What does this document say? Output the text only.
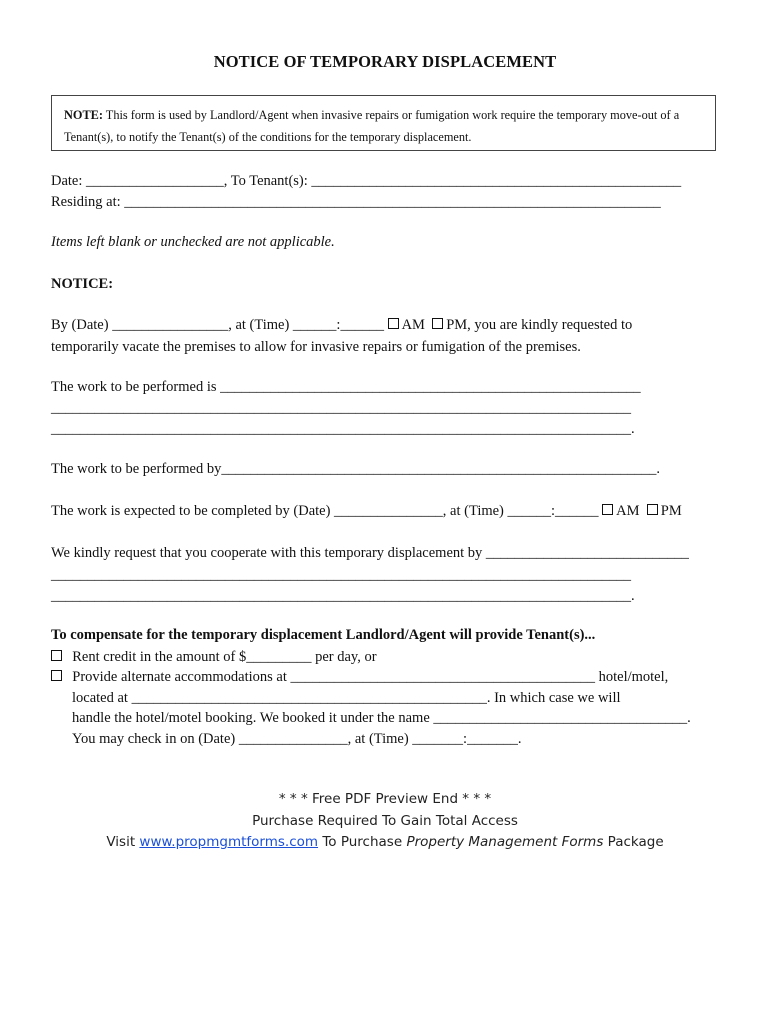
NOTICE OF TEMPORARY DISPLACEMENT
NOTE: This form is used by Landlord/Agent when invasive repairs or fumigation work require the temporary move-out of a Tenant(s), to notify the Tenant(s) of the conditions for the temporary displacement.
Date: ___________________, To Tenant(s): ___________________________________________________
Residing at: __________________________________________________________________________
Items left blank or unchecked are not applicable.
NOTICE:
By (Date) ________________, at (Time) ______:______ AM PM, you are kindly requested to
temporarily vacate the premises to allow for invasive repairs or fumigation of the premises.
The work to be performed is __________________________________________________________
________________________________________________________________________________
________________________________________________________________________________.
The work to be performed by____________________________________________________________.
The work is expected to be completed by (Date) _______________, at (Time) ______:______ AM PM
We kindly request that you cooperate with this temporary displacement by ____________________________
________________________________________________________________________________
________________________________________________________________________________.
To compensate for the temporary displacement Landlord/Agent will provide Tenant(s)...
Rent credit in the amount of $_________ per day, or
Provide alternate accommodations at __________________________________________ hotel/motel,
located at _________________________________________________. In which case we will
handle the hotel/motel booking. We booked it under the name ___________________________________.
You may check in on (Date) _______________, at (Time) _______:_______.
* * * Free PDF Preview End * * *
Purchase Required To Gain Total Access
Visit www.propmgmtforms.com To Purchase Property Management Forms Package
